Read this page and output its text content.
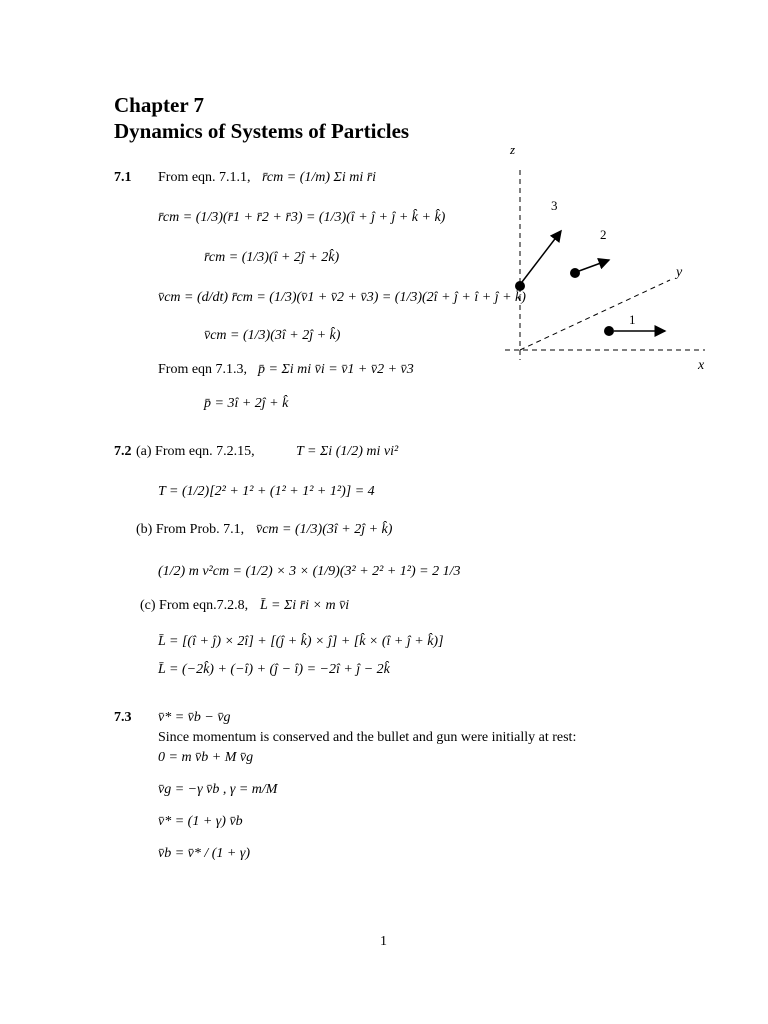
Chapter 7
Dynamics of Systems of Particles
z
y
x
3
2
1
7.1 From eqn. 7.1.1, r̄cm = (1/m) Σi mi r̄i
r̄cm = (1/3)(r̄1 + r̄2 + r̄3) = (1/3)(î + ĵ + ĵ + k̂ + k̂)
r̄cm = (1/3)(î + 2ĵ + 2k̂)
v̄cm = (d/dt) r̄cm = (1/3)(v̄1 + v̄2 + v̄3) = (1/3)(2î + ĵ + î + ĵ + k̂)
v̄cm = (1/3)(3î + 2ĵ + k̂)
From eqn 7.1.3, p̄ = Σi mi v̄i = v̄1 + v̄2 + v̄3
p̄ = 3î + 2ĵ + k̂
7.2 (a) From eqn. 7.2.15,	T = Σi (1/2) mi vi²
T = (1/2)[2² + 1² + (1² + 1² + 1²)] = 4
(b) From Prob. 7.1, v̄cm = (1/3)(3î + 2ĵ + k̂)
(1/2) m v²cm = (1/2) × 3 × (1/9)(3² + 2² + 1²) = 2 1/3
(c) From eqn.7.2.8, L̄ = Σi r̄i × m v̄i
L̄ = [(î + ĵ) × 2î] + [(ĵ + k̂) × ĵ] + [k̂ × (î + ĵ + k̂)]
L̄ = (−2k̂) + (−î) + (ĵ − î) = −2î + ĵ − 2k̂
7.3 v̄* = v̄b − v̄g
Since momentum is conserved and the bullet and gun were initially at rest:
0 = m v̄b + M v̄g
v̄g = −γ v̄b , γ = m/M
v̄* = (1 + γ) v̄b
v̄b = v̄* / (1 + γ)
1
